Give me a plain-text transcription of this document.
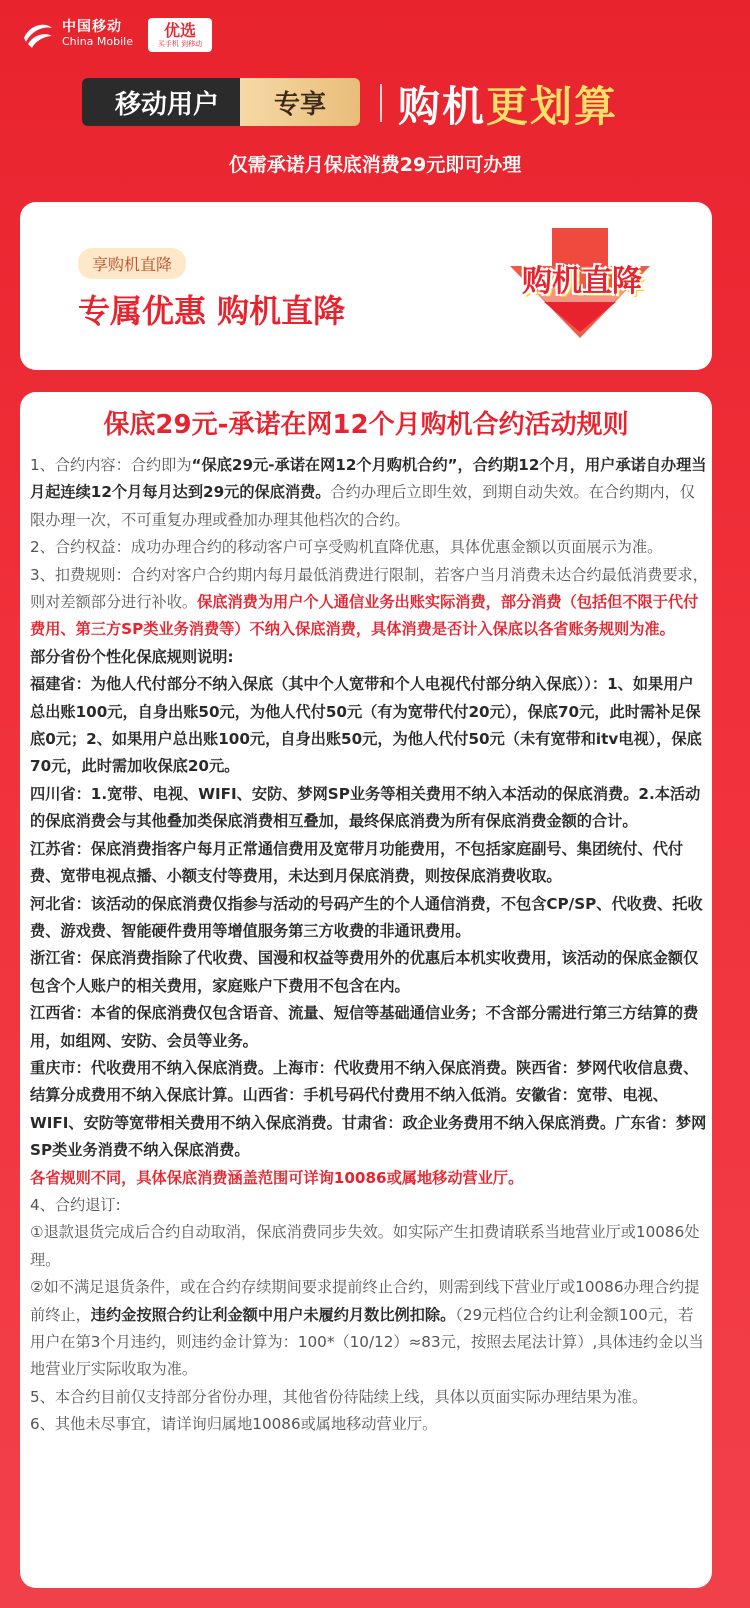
中国移动
China Mobile
优选
买手机 到移动
移动用户	专享	购机更划算
仅需承诺月保底消费29元即可办理
享购机直降
专属优惠 购机直降
购机直降
保底29元-承诺在网12个月购机合约活动规则

1、合约内容：合约即为“保底29元-承诺在网12个月购机合约”，合约期12个月，用户承诺自办理当月起连续12个月每月达到29元的保底消费。合约办理后立即生效，到期自动失效。在合约期内，仅限办理一次，不可重复办理或叠加办理其他档次的合约。

2、合约权益：成功办理合约的移动客户可享受购机直降优惠，具体优惠金额以页面展示为准。

3、扣费规则：合约对客户合约期内每月最低消费进行限制，若客户当月消费未达合约最低消费要求，则对差额部分进行补收。保底消费为用户个人通信业务出账实际消费，部分消费（包括但不限于代付费用、第三方SP类业务消费等）不纳入保底消费，具体消费是否计入保底以各省账务规则为准。

部分省份个性化保底规则说明:

福建省：为他人代付部分不纳入保底（其中个人宽带和个人电视代付部分纳入保底））：1、如果用户总出账100元，自身出账50元，为他人代付50元（有为宽带代付20元），保底70元，此时需补足保底0元；2、如果用户总出账100元，自身出账50元，为他人代付50元（未有宽带和itv电视），保底70元，此时需加收保底20元。

四川省：1.宽带、电视、WIFI、安防、梦网SP业务等相关费用不纳入本活动的保底消费。2.本活动的保底消费会与其他叠加类保底消费相互叠加，最终保底消费为所有保底消费金额的合计。

江苏省：保底消费指客户每月正常通信费用及宽带月功能费用，不包括家庭副号、集团统付、代付费、宽带电视点播、小额支付等费用，未达到月保底消费，则按保底消费收取。

河北省：该活动的保底消费仅指参与活动的号码产生的个人通信消费，不包含CP/SP、代收费、托收费、游戏费、智能硬件费用等增值服务第三方收费的非通讯费用。

浙江省：保底消费指除了代收费、国漫和权益等费用外的优惠后本机实收费用，该活动的保底金额仅包含个人账户的相关费用，家庭账户下费用不包含在内。

江西省：本省的保底消费仅包含语音、流量、短信等基础通信业务；不含部分需进行第三方结算的费用，如组网、安防、会员等业务。

重庆市：代收费用不纳入保底消费。上海市：代收费用不纳入保底消费。陕西省：梦网代收信息费、结算分成费用不纳入保底计算。山西省：手机号码代付费用不纳入低消。安徽省：宽带、电视、WIFI、安防等宽带相关费用不纳入保底消费。甘肃省：政企业务费用不纳入保底消费。广东省：梦网SP类业务消费不纳入保底消费。

各省规则不同，具体保底消费涵盖范围可详询10086或属地移动营业厅。

4、合约退订:

①退款退货完成后合约自动取消，保底消费同步失效。如实际产生扣费请联系当地营业厅或10086处理。

②如不满足退货条件，或在合约存续期间要求提前终止合约，则需到线下营业厅或10086办理合约提前终止，违约金按照合约让利金额中用户未履约月数比例扣除。（29元档位合约让利金额100元，若用户在第3个月违约，则违约金计算为：100*（10/12）≈83元，按照去尾法计算）,具体违约金以当地营业厅实际收取为准。

5、本合约目前仅支持部分省份办理，其他省份待陆续上线，具体以页面实际办理结果为准。

6、其他未尽事宜，请详询归属地10086或属地移动营业厅。
